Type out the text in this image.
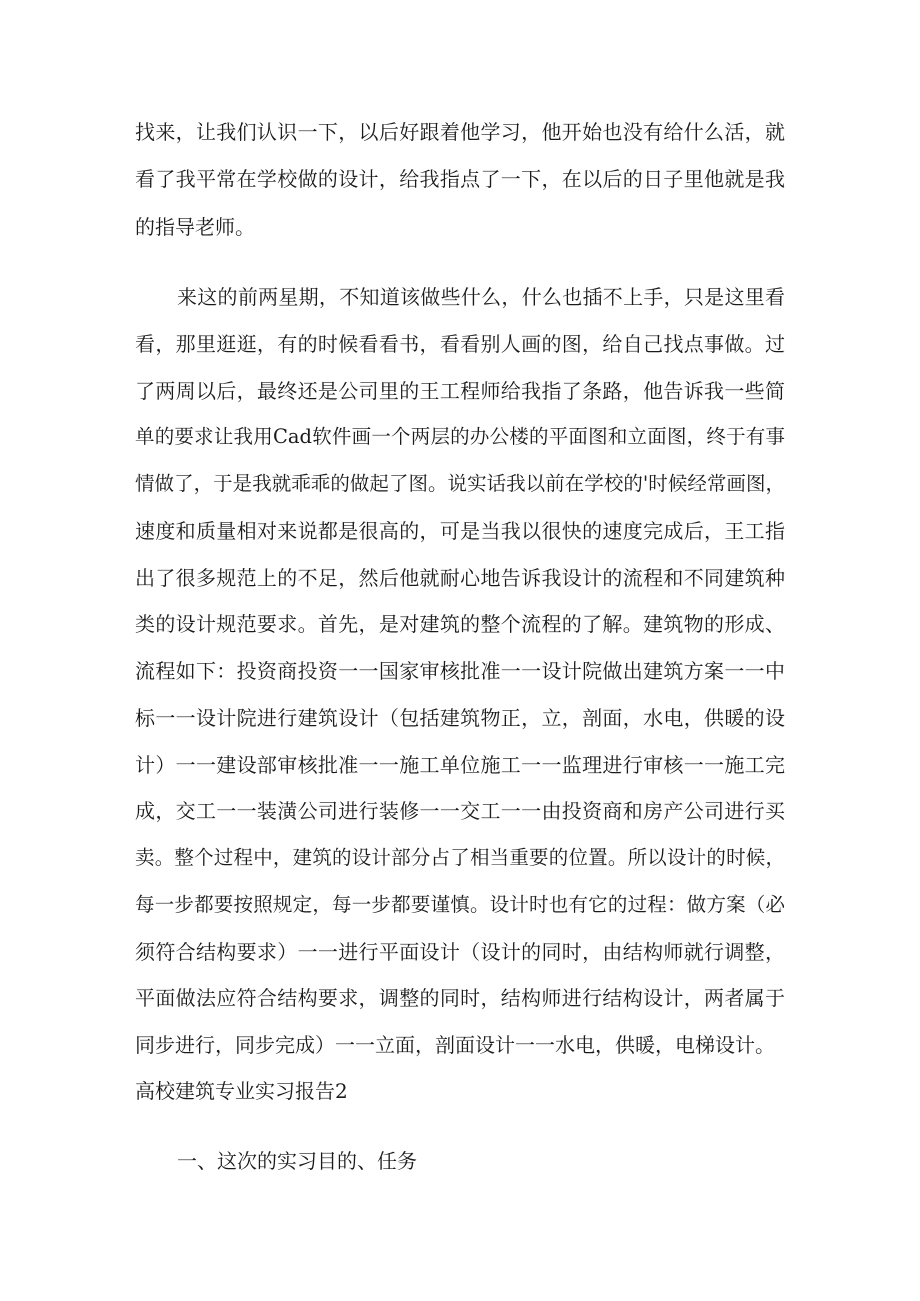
找来，让我们认识一下，以后好跟着他学习，他开始也没有给什么活，就
看了我平常在学校做的设计，给我指点了一下，在以后的日子里他就是我
的指导老师。
来这的前两星期，不知道该做些什么，什么也插不上手，只是这里看
看，那里逛逛，有的时候看看书，看看别人画的图，给自己找点事做。过
了两周以后，最终还是公司里的王工程师给我指了条路，他告诉我一些简
单的要求让我用Cad软件画一个两层的办公楼的平面图和立面图，终于有事
情做了，于是我就乖乖的做起了图。说实话我以前在学校的'时候经常画图，
速度和质量相对来说都是很高的，可是当我以很快的速度完成后，王工指
出了很多规范上的不足，然后他就耐心地告诉我设计的流程和不同建筑种
类的设计规范要求。首先，是对建筑的整个流程的了解。建筑物的形成、
流程如下：投资商投资一一国家审核批准一一设计院做出建筑方案一一中
标一一设计院进行建筑设计（包括建筑物正，立，剖面，水电，供暖的设
计）一一建设部审核批准一一施工单位施工一一监理进行审核一一施工完
成，交工一一装潢公司进行装修一一交工一一由投资商和房产公司进行买
卖。整个过程中，建筑的设计部分占了相当重要的位置。所以设计的时候，
每一步都要按照规定，每一步都要谨慎。设计时也有它的过程：做方案（必
须符合结构要求）一一进行平面设计（设计的同时，由结构师就行调整，
平面做法应符合结构要求，调整的同时，结构师进行结构设计，两者属于
同步进行，同步完成）一一立面，剖面设计一一水电，供暖，电梯设计。
高校建筑专业实习报告2
一、这次的实习目的、任务
